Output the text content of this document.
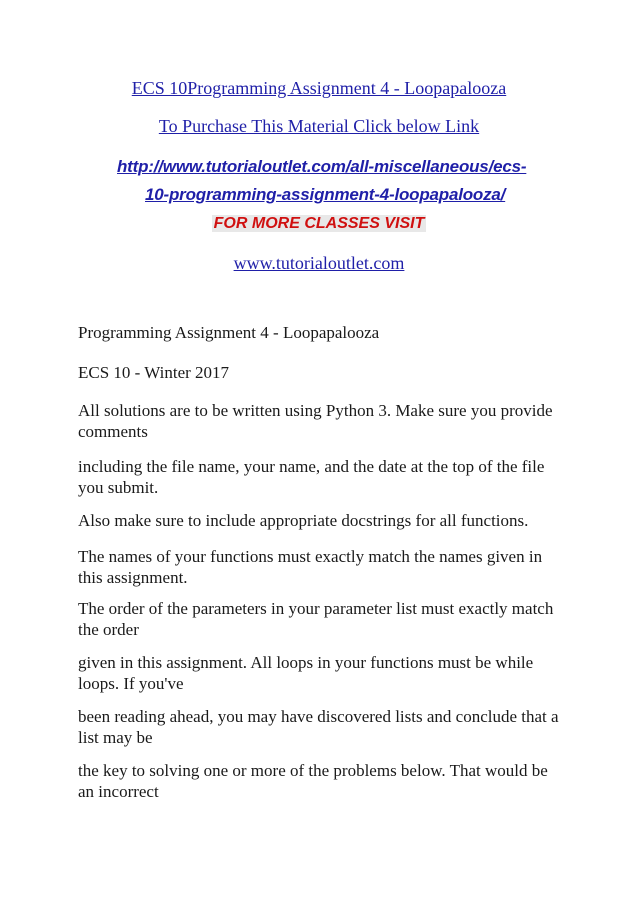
ECS 10Programming Assignment 4 - Loopapalooza
To Purchase This Material Click below Link
http://www.tutorialoutlet.com/all-miscellaneous/ecs-
10-programming-assignment-4-loopapalooza/
FOR MORE CLASSES VISIT
www.tutorialoutlet.com
Programming Assignment 4 - Loopapalooza
ECS 10 - Winter 2017
All solutions are to be written using Python 3. Make sure you provide comments
including the file name, your name, and the date at the top of the file you submit.
Also make sure to include appropriate docstrings for all functions.
The names of your functions must exactly match the names given in this assignment.
The order of the parameters in your parameter list must exactly match the order
given in this assignment. All loops in your functions must be while loops. If you've
been reading ahead, you may have discovered lists and conclude that a list may be
the key to solving one or more of the problems below. That would be an incorrect
